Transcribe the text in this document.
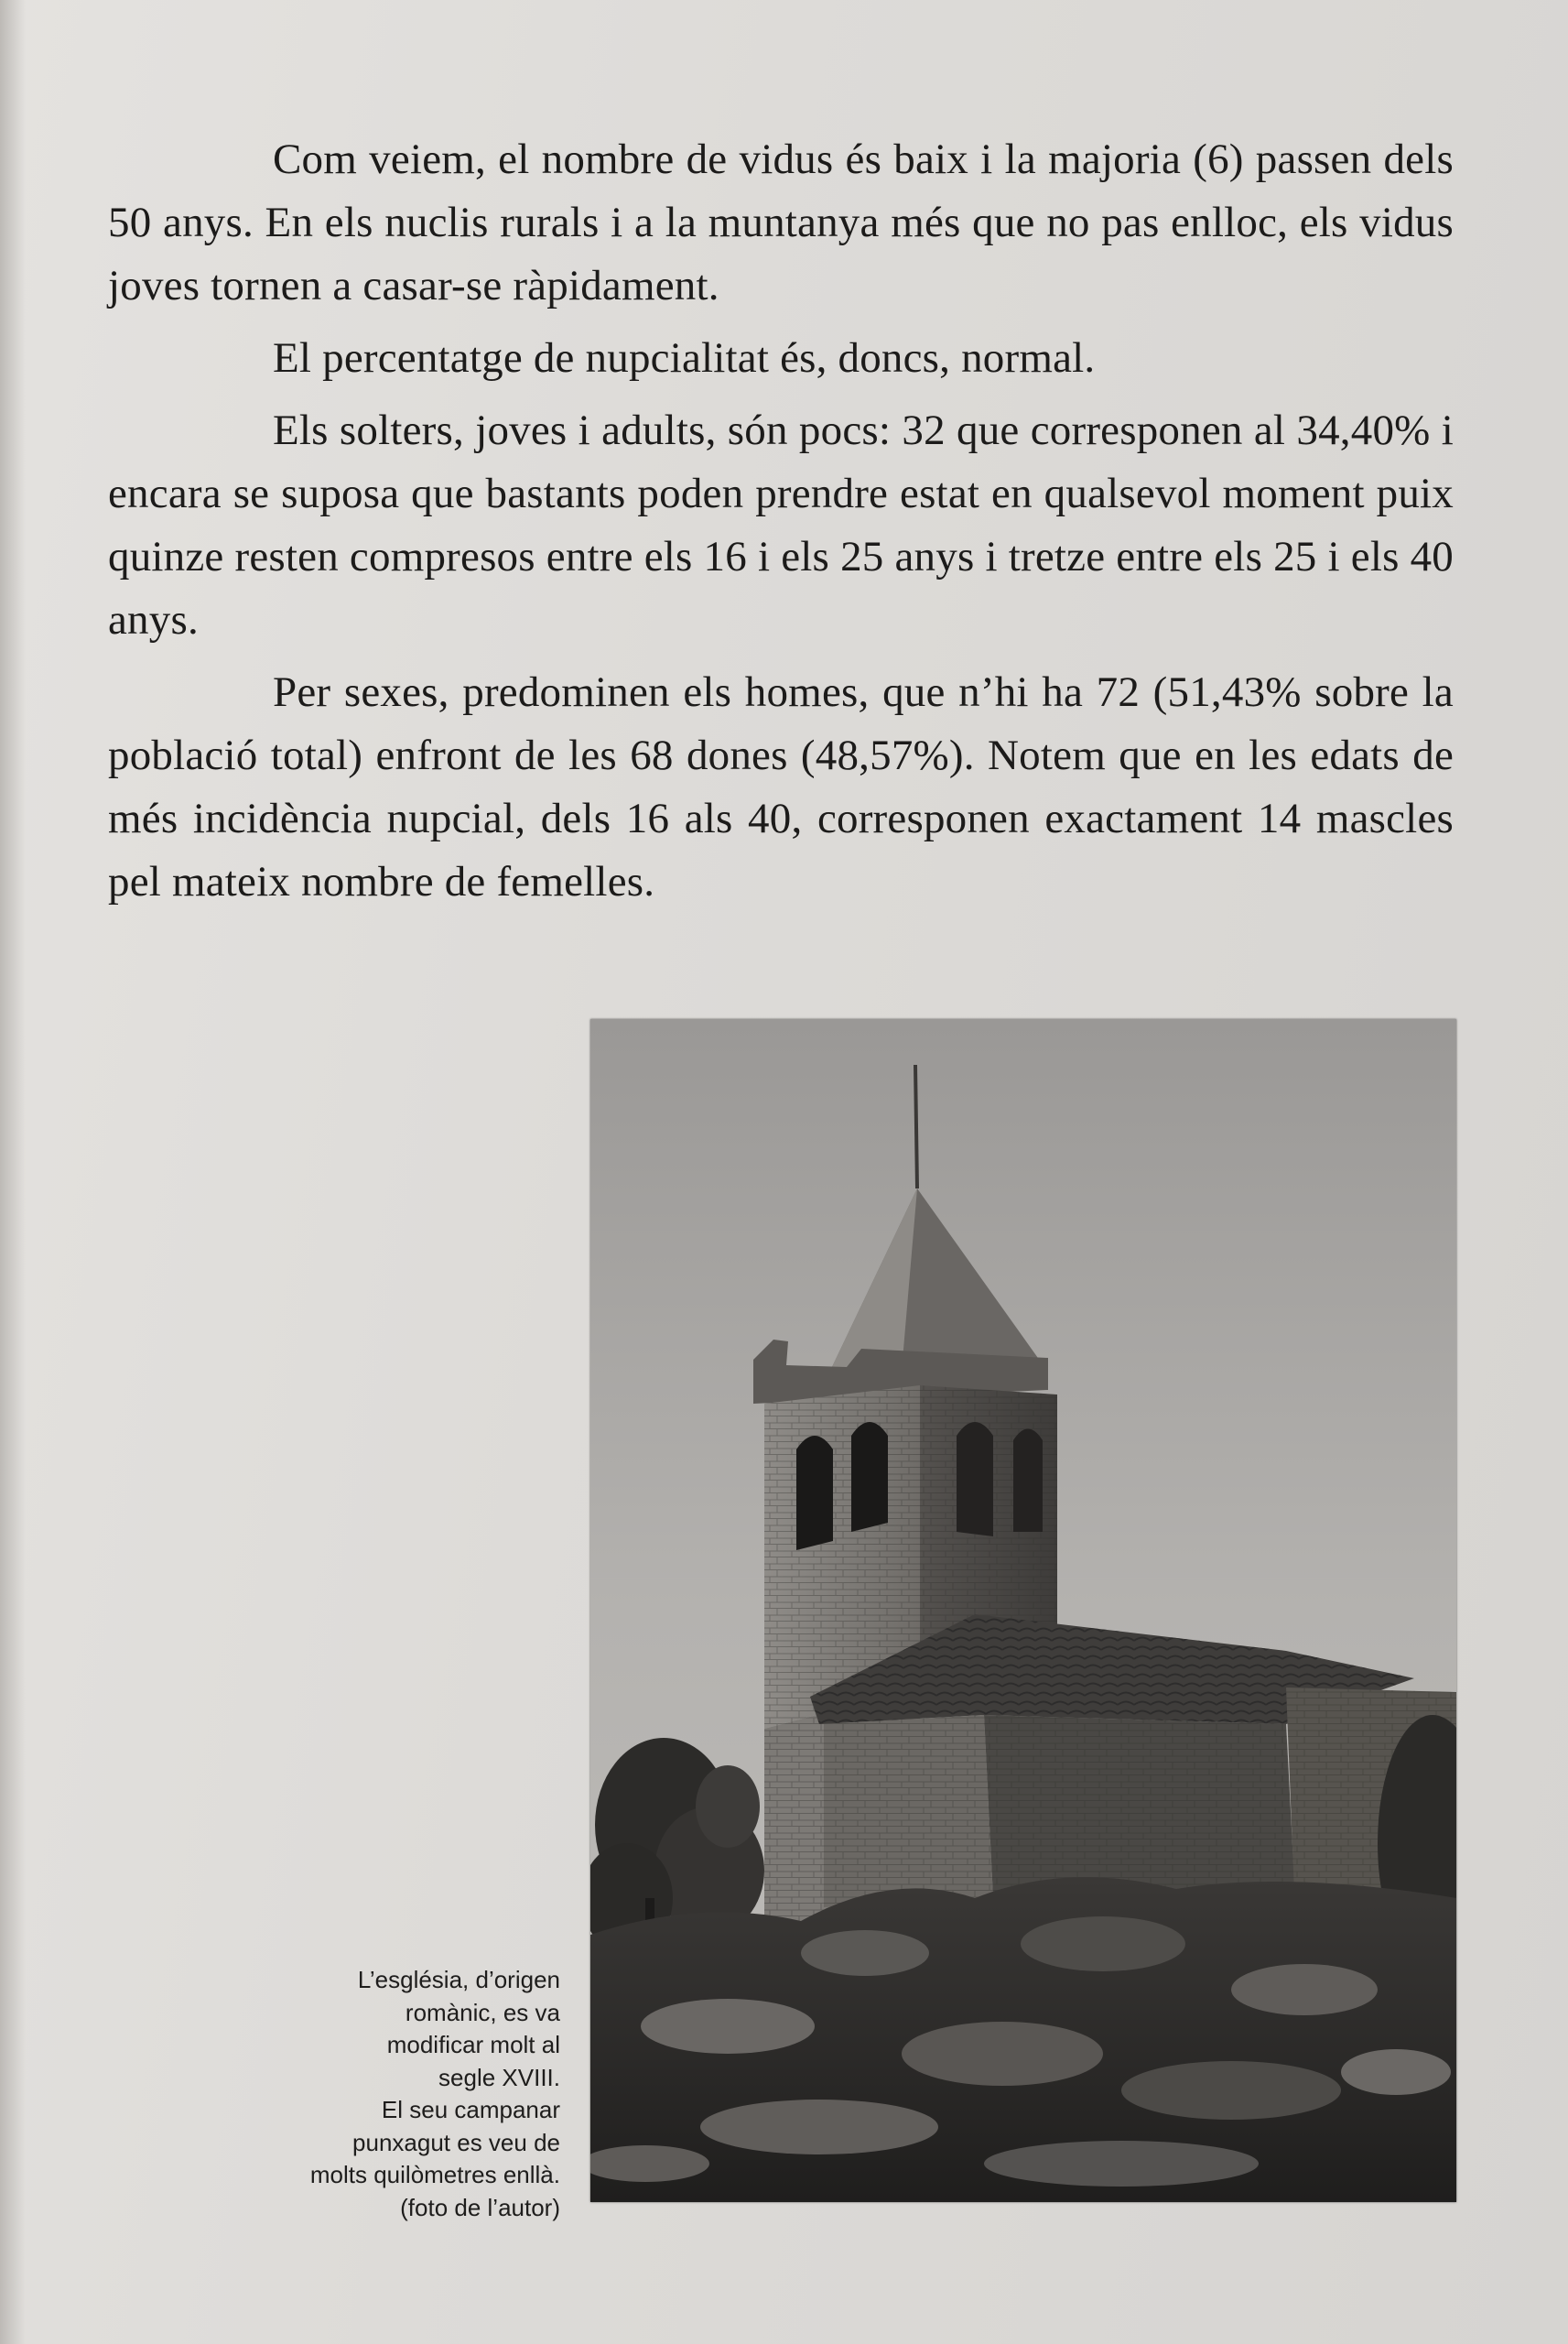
Com veiem, el nombre de vidus és baix i la majoria (6) passen dels 50 anys. En els nuclis rurals i a la muntanya més que no pas enlloc, els vidus joves tornen a casar-se ràpidament.

El percentatge de nupcialitat és, doncs, normal.

Els solters, joves i adults, són pocs: 32 que corresponen al 34,40% i encara se suposa que bastants poden prendre estat en qualsevol moment puix quinze resten compresos entre els 16 i els 25 anys i tretze entre els 25 i els 40 anys.

Per sexes, predominen els homes, que n’hi ha 72 (51,43% sobre la població total) enfront de les 68 dones (48,57%). Notem que en les edats de més incidència nupcial, dels 16 als 40, corresponen exactament 14 mascles pel mateix nombre de femelles.

L’església, d’origen
romànic, es va
modificar molt al
segle XVIII.
El seu campanar
punxagut es veu de
molts quilòmetres enllà.
(foto de l’autor)
